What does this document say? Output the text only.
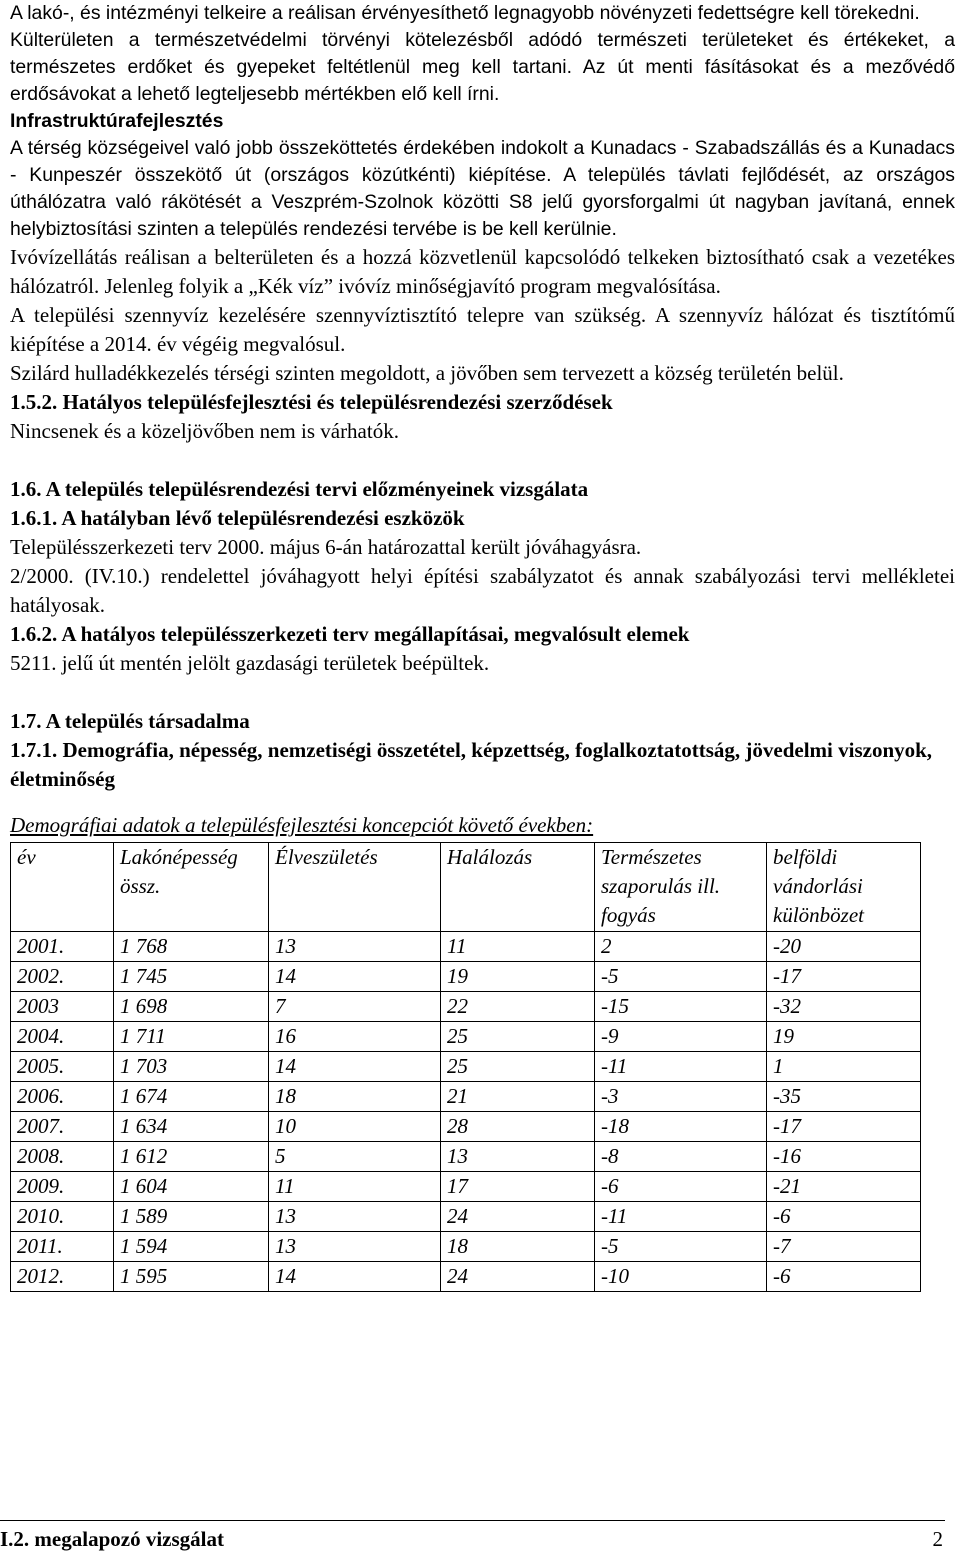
A lakó-, és intézményi telkeire a reálisan érvényesíthető legnagyobb növényzeti fedettségre kell törekedni.

Külterületen a természetvédelmi törvényi kötelezésből adódó természeti területeket és értékeket, a természetes erdőket és gyepeket feltétlenül meg kell tartani. Az út menti fásításokat és a mezővédő erdősávokat a lehető legteljesebb mértékben elő kell írni.

Infrastruktúrafejlesztés

A térség községeivel való jobb összeköttetés érdekében indokolt a Kunadacs - Szabadszállás és a Kunadacs - Kunpeszér összekötő út (országos közútkénti) kiépítése. A település távlati fejlődését, az országos úthálózatra való rákötését a Veszprém-Szolnok közötti S8 jelű gyorsforgalmi út nagyban javítaná, ennek helybiztosítási szinten a település rendezési tervébe is be kell kerülnie.

Ivóvízellátás reálisan a belterületen és a hozzá közvetlenül kapcsolódó telkeken biztosítható csak a vezetékes hálózatról. Jelenleg folyik a „Kék víz” ivóvíz minőségjavító program megvalósítása.

A települési szennyvíz kezelésére szennyvíztisztító telepre van szükség. A szennyvíz hálózat és tisztítómű kiépítése a 2014. év végéig megvalósul.

Szilárd hulladékkezelés térségi szinten megoldott, a jövőben sem tervezett a község területén belül.

1.5.2. Hatályos településfejlesztési és településrendezési szerződések

Nincsenek és a közeljövőben nem is várhatók.

1.6. A település településrendezési tervi előzményeinek vizsgálata

1.6.1. A hatályban lévő településrendezési eszközök

Településszerkezeti terv 2000. május 6-án határozattal került jóváhagyásra.

2/2000. (IV.10.) rendelettel jóváhagyott helyi építési szabályzatot és annak szabályozási tervi mellékletei hatályosak.

1.6.2. A hatályos településszerkezeti terv megállapításai, megvalósult elemek

5211. jelű út mentén jelölt gazdasági területek beépültek.

1.7. A település társadalma

1.7.1. Demográfia, népesség, nemzetiségi összetétel, képzettség, foglalkoztatottság, jövedelmi viszonyok, életminőség

Demográfiai adatok a településfejlesztési koncepciót követő években:

év	Lakónépesség össz.	Élveszületés	Halálozás	Természetes szaporulás ill. fogyás	belföldi vándorlási különbözet
2001.	1 768	13	11	2	-20
2002.	1 745	14	19	-5	-17
2003	1 698	7	22	-15	-32
2004.	1 711	16	25	-9	19
2005.	1 703	14	25	-11	1
2006.	1 674	18	21	-3	-35
2007.	1 634	10	28	-18	-17
2008.	1 612	5	13	-8	-16
2009.	1 604	11	17	-6	-21
2010.	1 589	13	24	-11	-6
2011.	1 594	13	18	-5	-7
2012.	1 595	14	24	-10	-6
I.2. megalapozó vizsgálat	2
